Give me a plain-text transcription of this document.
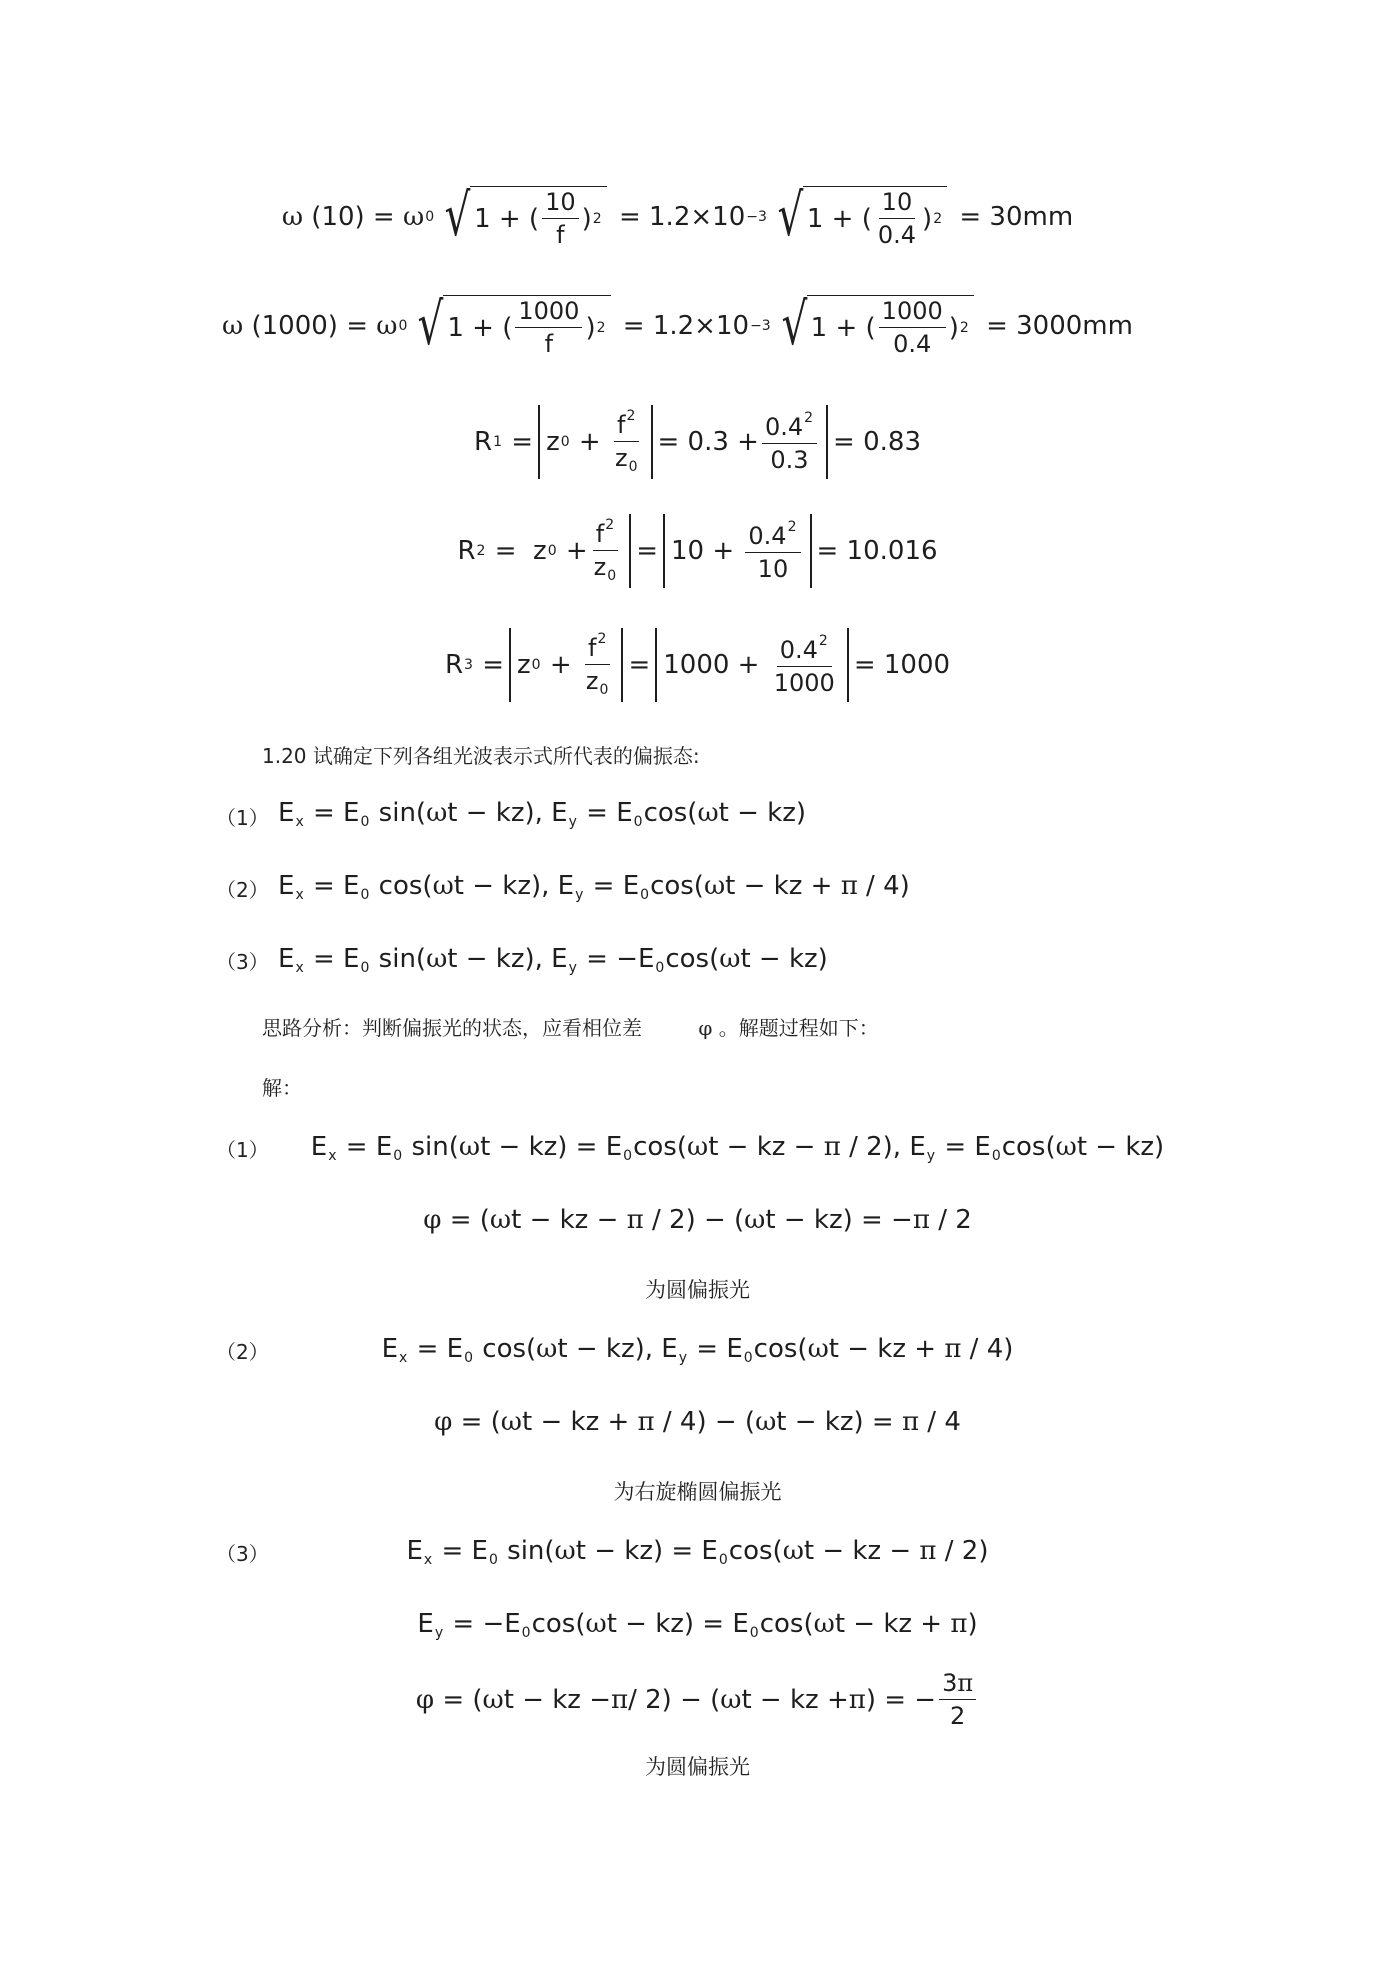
ω (10) = ω 0 √ 1 + ( $\frac{10}{f}$ ) 2 = 1.2×10 −3 √ 1 + ( $\frac{10}{0.4}$ ) 2 = 30mm
ω (1000) = ω 0 √ 1 + ( $\frac{1000}{f}$ ) 2 = 1.2×10 −3 √ 1 + ( $\frac{1000}{0.4}$ ) 2 = 3000mm
R 1 = z $0 + \frac{f^2}{z_0} = 0.3 + \frac{0.4^2}{0.3} = 0.83$
R 2 =  z $0 + \frac{f^2}{z_0} = 10 + \frac{0.4^2}{10} = 10.016$
R 3 = z $0 + \frac{f^2}{z_0} = 1000 + \frac{0.4^2}{1000} = 1000$
1.20 试确定下列各组光波表示式所代表的偏振态:
（1） $E_x = E_0$ sin(ωt − kz), $E_y = E_0\cos(\omega t - kz)$
（2） $E_x = E_0$ cos(ωt − kz), $E_y = E_0\cos(\omega t$ − kz + π / 4)
（3） $E_x = E_0$ sin(ωt − kz), $E_y = -E_0\cos(\omega t - kz)$
思路分析：判断偏振光的状态，应看相位差	φ 。解题过程如下：
解：
（1）	$E_x = E_0$ $\sin(\omega t - kz) = E_0\cos(\omega t$ − kz − π / 2), $E_y = E_0\cos(\omega t - kz)$
φ = (ωt − kz − π / 2) − (ωt − kz) = −π / 2
为圆偏振光
（2）	$E_x = E_0$ cos(ωt − kz), $E_y = E_0\cos(\omega t$ − kz + π / 4)
φ = (ωt − kz + π / 4) − (ωt − kz) = π / 4
为右旋椭圆偏振光
（3）	$E_x = E_0$ $\sin(\omega t - kz) = E_0\cos(\omega t$ − kz − π / 2)
$E_y = -E_0\cos(\omega t - kz) = E_0\cos(\omega t$ − kz + π)
φ = ( ω t − kz − π / 2) − ( ω t − kz + π ) = − $\frac{3\pi}{2}$
为圆偏振光
